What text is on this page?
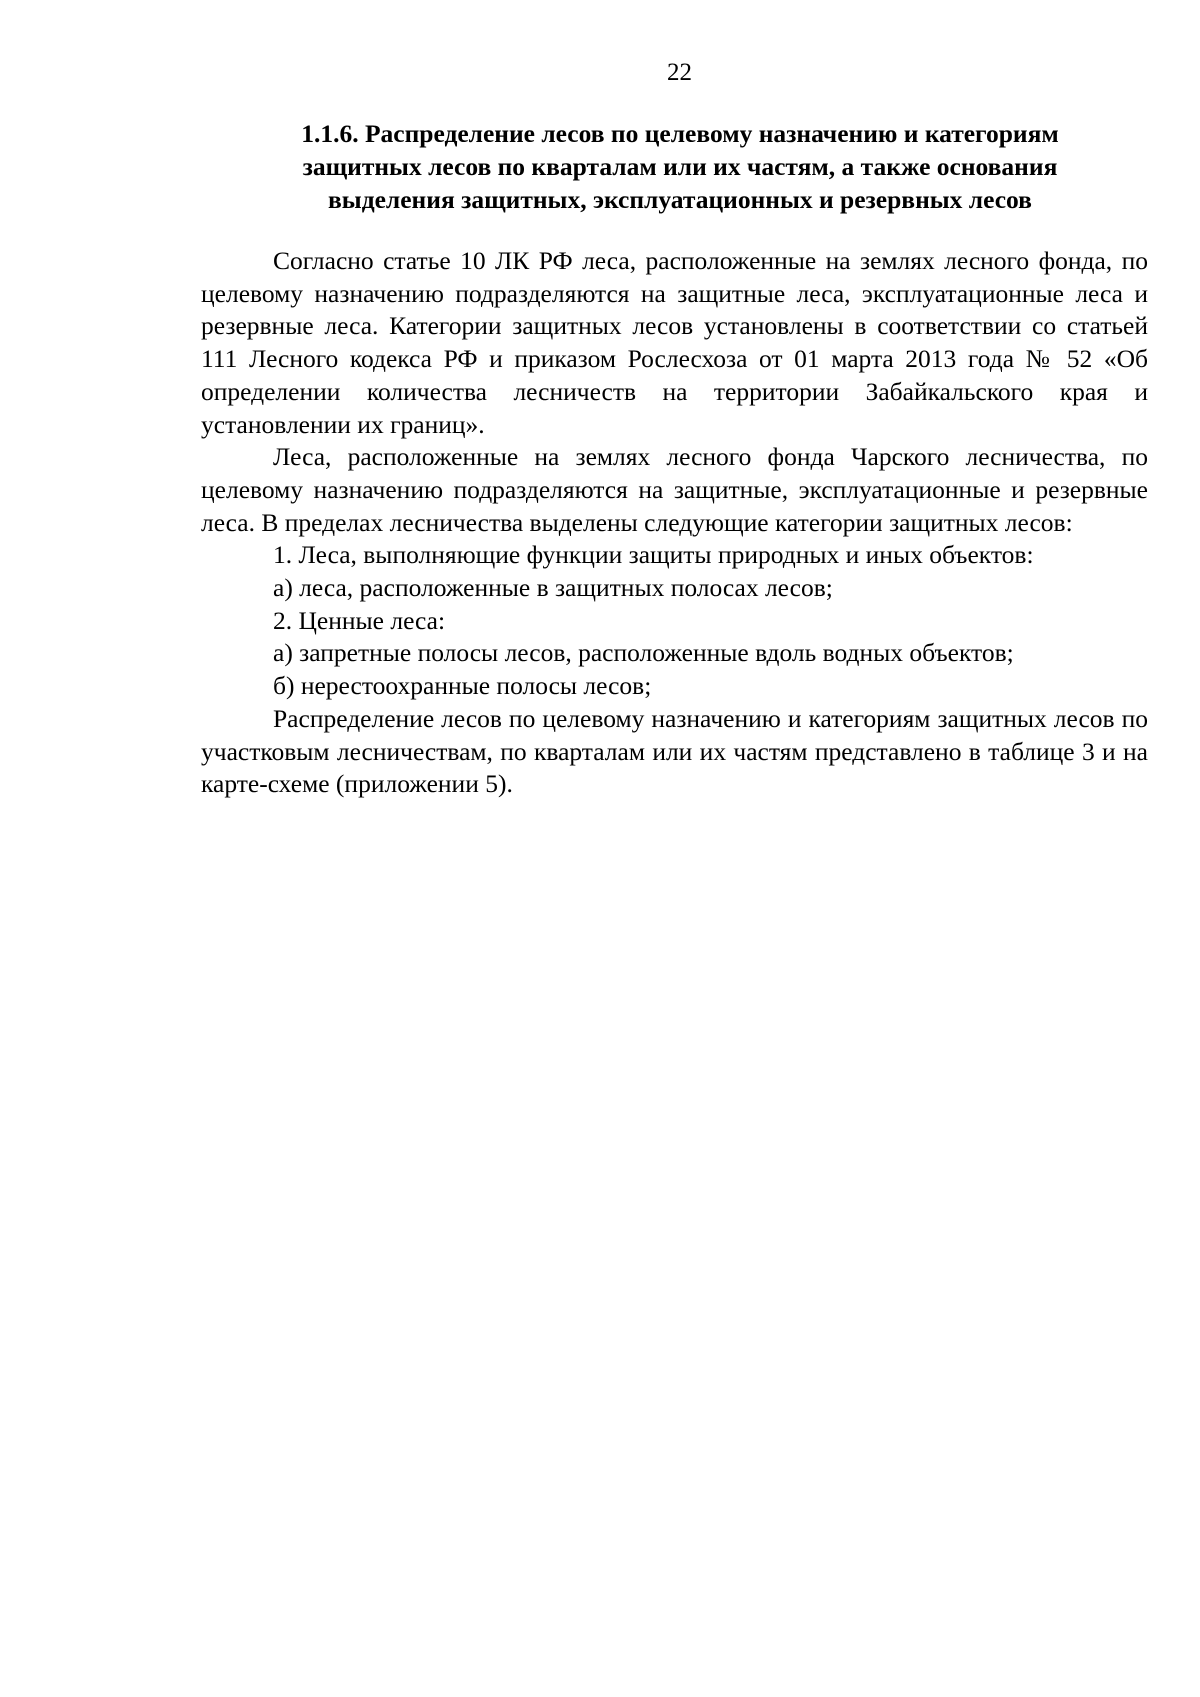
22
1.1.6. Распределение лесов по целевому назначению и категориям
защитных лесов по кварталам или их частям, а также основания
выделения защитных, эксплуатационных и резервных лесов

Согласно статье 10 ЛК РФ леса, расположенные на землях лесного фонда, по целевому назначению подразделяются на защитные леса, эксплуатационные леса и резервные леса. Категории защитных лесов установлены в соответствии со статьей 111 Лесного кодекса РФ и приказом Рослесхоза от 01 марта 2013 года № 52 «Об определении количества лесничеств на территории Забайкальского края и установлении их границ».

Леса, расположенные на землях лесного фонда Чарского лесничества, по целевому назначению подразделяются на защитные, эксплуатационные и резервные леса. В пределах лесничества выделены следующие категории защитных лесов:

1. Леса, выполняющие функции защиты природных и иных объектов:

а) леса, расположенные в защитных полосах лесов;

2. Ценные леса:

а) запретные полосы лесов, расположенные вдоль водных объектов;

б) нерестоохранные полосы лесов;

Распределение лесов по целевому назначению и категориям защитных лесов по участковым лесничествам, по кварталам или их частям представлено в таблице 3 и на карте-схеме (приложении 5).
